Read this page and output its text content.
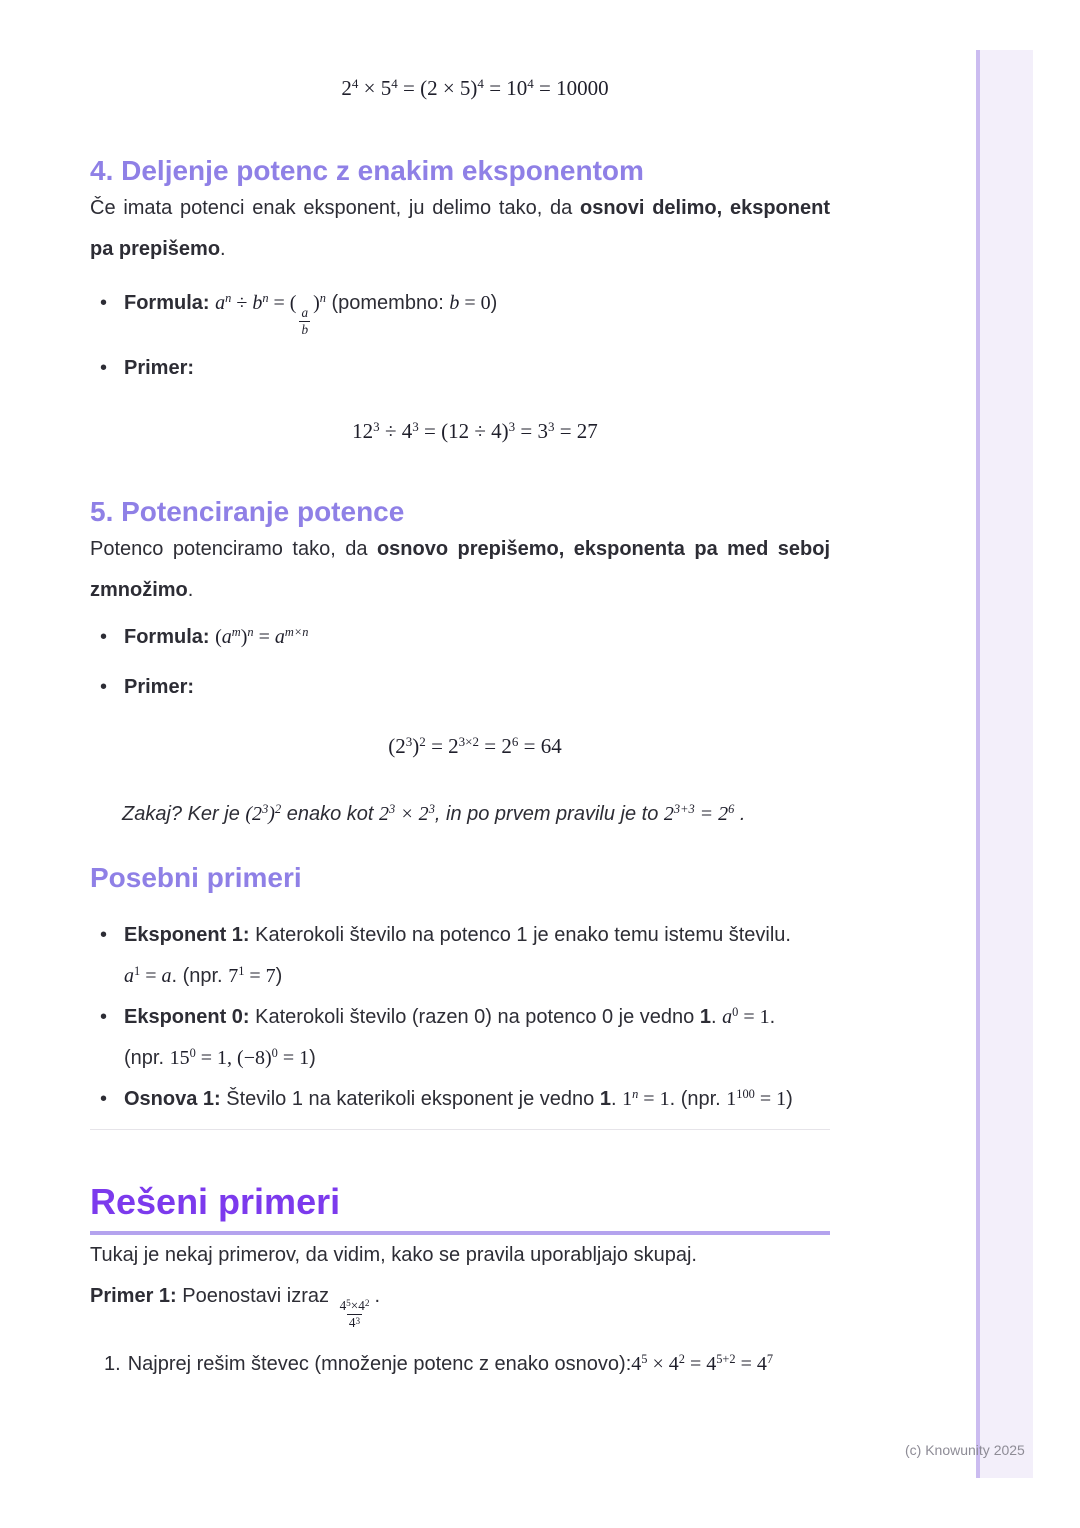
$2^4 \times 5^4 = (2 \times 5)^4 = 10^4 = 10000$
4. Deljenje potenc z enakim eksponentom

Če imata potenci enak eksponent, ju delimo tako, da osnovi delimo, eksponent pa prepišemo.

• Formula: $a^n \div b^n$ = (
$\frac{a}{b}$
)$^n$ (pomembno: b = 0)
• Primer:
$12^3 \div 4^3 = (12 \div 4)^3 = 3^3 = 27$
5. Potenciranje potence

Potenco potenciramo tako, da osnovo prepišemo, eksponenta pa med seboj zmnožimo.

• Formula: $(a^m)^n = a^{m\times n}$
• Primer:
$(2^3)^2 = 2^{3\times 2} = 2^6 = 64$

Zakaj? Ker je $(2^3)^2$ enako kot $2^3 \times 2^3$, in po prvem pravilu je to $2^{3+3} = 2^6$ .

Posebni primeri
• Eksponent 1: Katerokoli število na potenco 1 je enako temu istemu številu.
$a^1 = a$. (npr. $7^1 = 7$)
• Eksponent 0: Katerokoli število (razen 0) na potenco 0 je vedno 1. $a^0 = 1$.
(npr. $15^0 = 1$, $(-8)^0 = 1$)
• Osnova 1: Število 1 na katerikoli eksponent je vedno 1. $1^n = 1$. (npr. $1^{100} = 1$)
Rešeni primeri

Tukaj je nekaj primerov, da vidim, kako se pravila uporabljajo skupaj.

Primer 1: Poenostavi izraz
$\frac{4^5\times 4^2}{4^3}$
.

1. Najprej rešim števec (množenje potenc z enako $osnovo):4^5 \times 4^2 = 4^{5+2} = 4^7$
(c) Knowunity 2025
